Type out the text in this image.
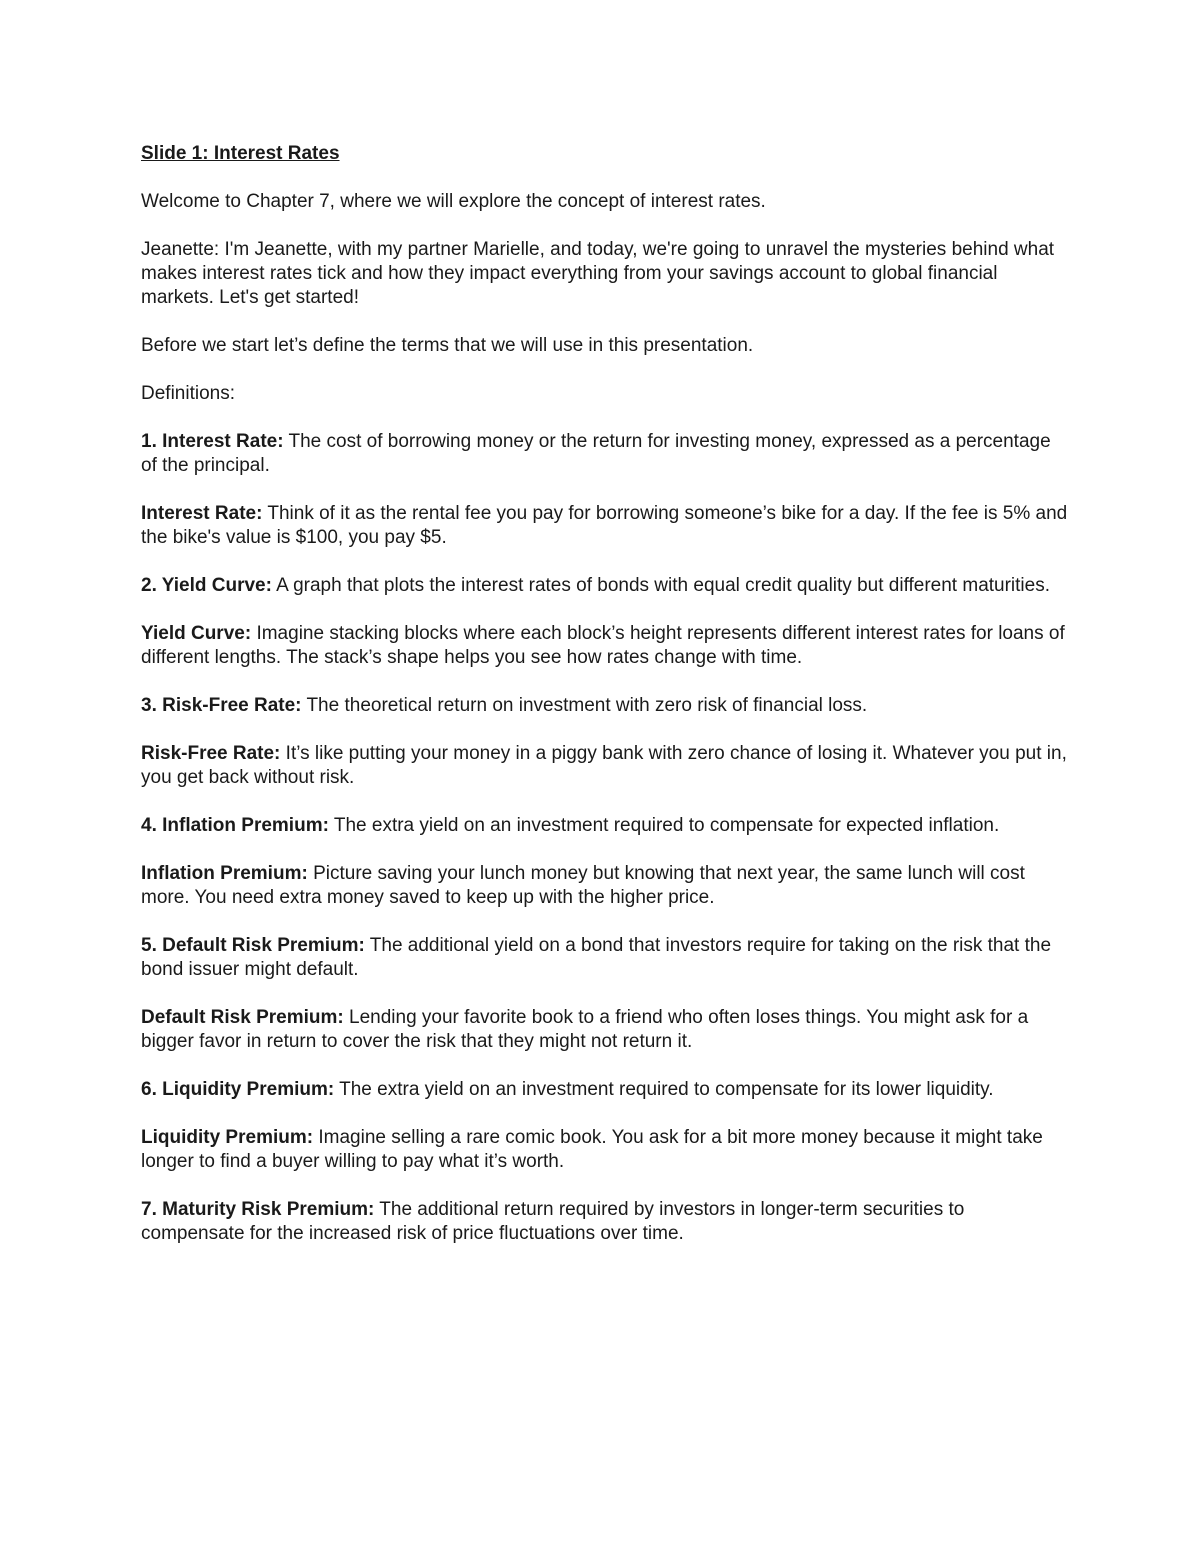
Slide 1: Interest Rates

Welcome to Chapter 7, where we will explore the concept of interest rates.

Jeanette: I'm Jeanette, with my partner Marielle, and today, we're going to unravel the mysteries behind what makes interest rates tick and how they impact everything from your savings account to global financial markets. Let's get started!

Before we start let’s define the terms that we will use in this presentation.

Definitions:

1. Interest Rate: The cost of borrowing money or the return for investing money, expressed as a percentage of the principal.

Interest Rate: Think of it as the rental fee you pay for borrowing someone’s bike for a day. If the fee is 5% and the bike's value is $100, you pay $5.

2. Yield Curve: A graph that plots the interest rates of bonds with equal credit quality but different maturities.

Yield Curve: Imagine stacking blocks where each block’s height represents different interest rates for loans of different lengths. The stack’s shape helps you see how rates change with time.

3. Risk-Free Rate: The theoretical return on investment with zero risk of financial loss.

Risk-Free Rate: It’s like putting your money in a piggy bank with zero chance of losing it. Whatever you put in, you get back without risk.

4. Inflation Premium: The extra yield on an investment required to compensate for expected inflation.

Inflation Premium: Picture saving your lunch money but knowing that next year, the same lunch will cost more. You need extra money saved to keep up with the higher price.

5. Default Risk Premium: The additional yield on a bond that investors require for taking on the risk that the bond issuer might default.

Default Risk Premium: Lending your favorite book to a friend who often loses things. You might ask for a bigger favor in return to cover the risk that they might not return it.

6. Liquidity Premium: The extra yield on an investment required to compensate for its lower liquidity.

Liquidity Premium: Imagine selling a rare comic book. You ask for a bit more money because it might take longer to find a buyer willing to pay what it’s worth.

7. Maturity Risk Premium: The additional return required by investors in longer-term securities to compensate for the increased risk of price fluctuations over time.
